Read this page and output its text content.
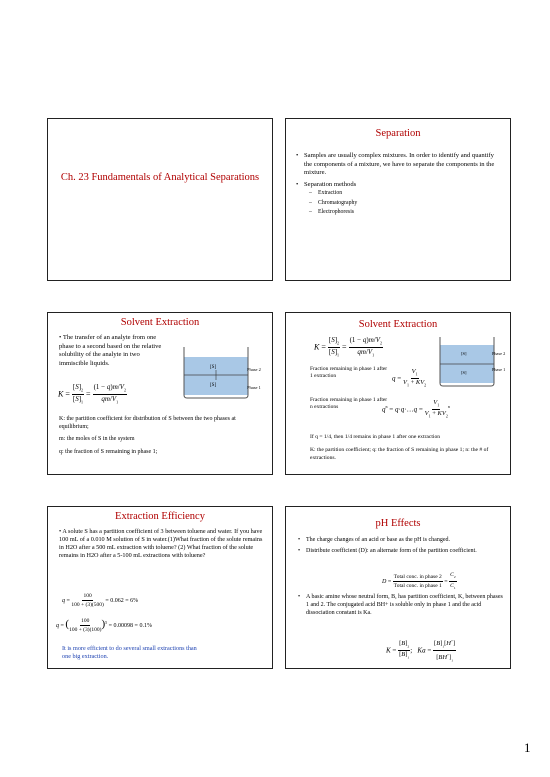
Ch. 23 Fundamentals of Analytical Separations
Separation
• Samples are usually complex mixtures. In order to identify and quantify the components of a mixture, we have to separate the components in the mixture.
• Separation methods
– Extraction
– Chromatography
– Electrophoresis
Solvent Extraction
• The transfer of an analyte from one phase to a second based on the relative solubility of the analyte in two immiscible liquids.
[S]
[S]
Phase 2
Phase 1
$K = \frac{[S]_2}{[S]_1} = \frac{(1 - q)m/V_2}{qm/V_1}$
K: the partition coefficient for distribution of S between the two phases at equilibrium;
m: the moles of S in the system
q: the fraction of S remaining in phase 1;
Solvent Extraction
$K = \frac{[S]_2}{[S]_1} = \frac{(1 - q)m/V_2}{qm/V_1}$	[S]
[S]
Phase 2
Phase 1
Fraction remaining in phase 1 after 1 extraction	$q = \frac{V_1}{V_1 + KV_2}$
Fraction remaining in phase 1 after n extractions	$q^n$ = q·q·…q = $\frac{V_1}{V_1 + KV_2} ^n$
If q = 1/4, then 1/4 remains in phase 1 after one extraction
K: the partition coefficient; q: the fraction of S remaining in phase 1; n: the # of extractions.
Extraction Efficiency
• A solute S has a partition coefficient of 3 between toluene and water. If you have 100 mL of a 0.010 M solution of S in water.(1)What fraction of the solute remains in H2O after a 500 mL extraction with toluene? (2) What fraction of the solute remains in H2O after a 5-100 mL extractions with toluene?
$q = \frac{100}{100 + (3)(500)} = 0.062 = 6\%$
q = ( $\frac{100}{100 + (3)(100)} )^5 = 0.00098 = 0.1\%$
It is more efficient to do several small extractions than one big extraction.
pH Effects
• The charge changes of an acid or base as the pH is changed.
• Distribute coefficient (D): an alternate form of the partition coefficient.
$D = \frac{\text{Total conc. in phase 2}}{\text{Total conc. in phase 1}} = \frac{C_2}{C_1}$
• A basic amine whose neutral form, B, has partition coefficient, K, between phases 1 and 2. The conjugated acid BH+ is soluble only in phase 1 and the acid dissociation constant is Ka.
$K = \frac{[B]_2}{[B]_1}$ ;   $Ka = \frac{[B]_1[H^+]}{[BH^+]_1}$
1
